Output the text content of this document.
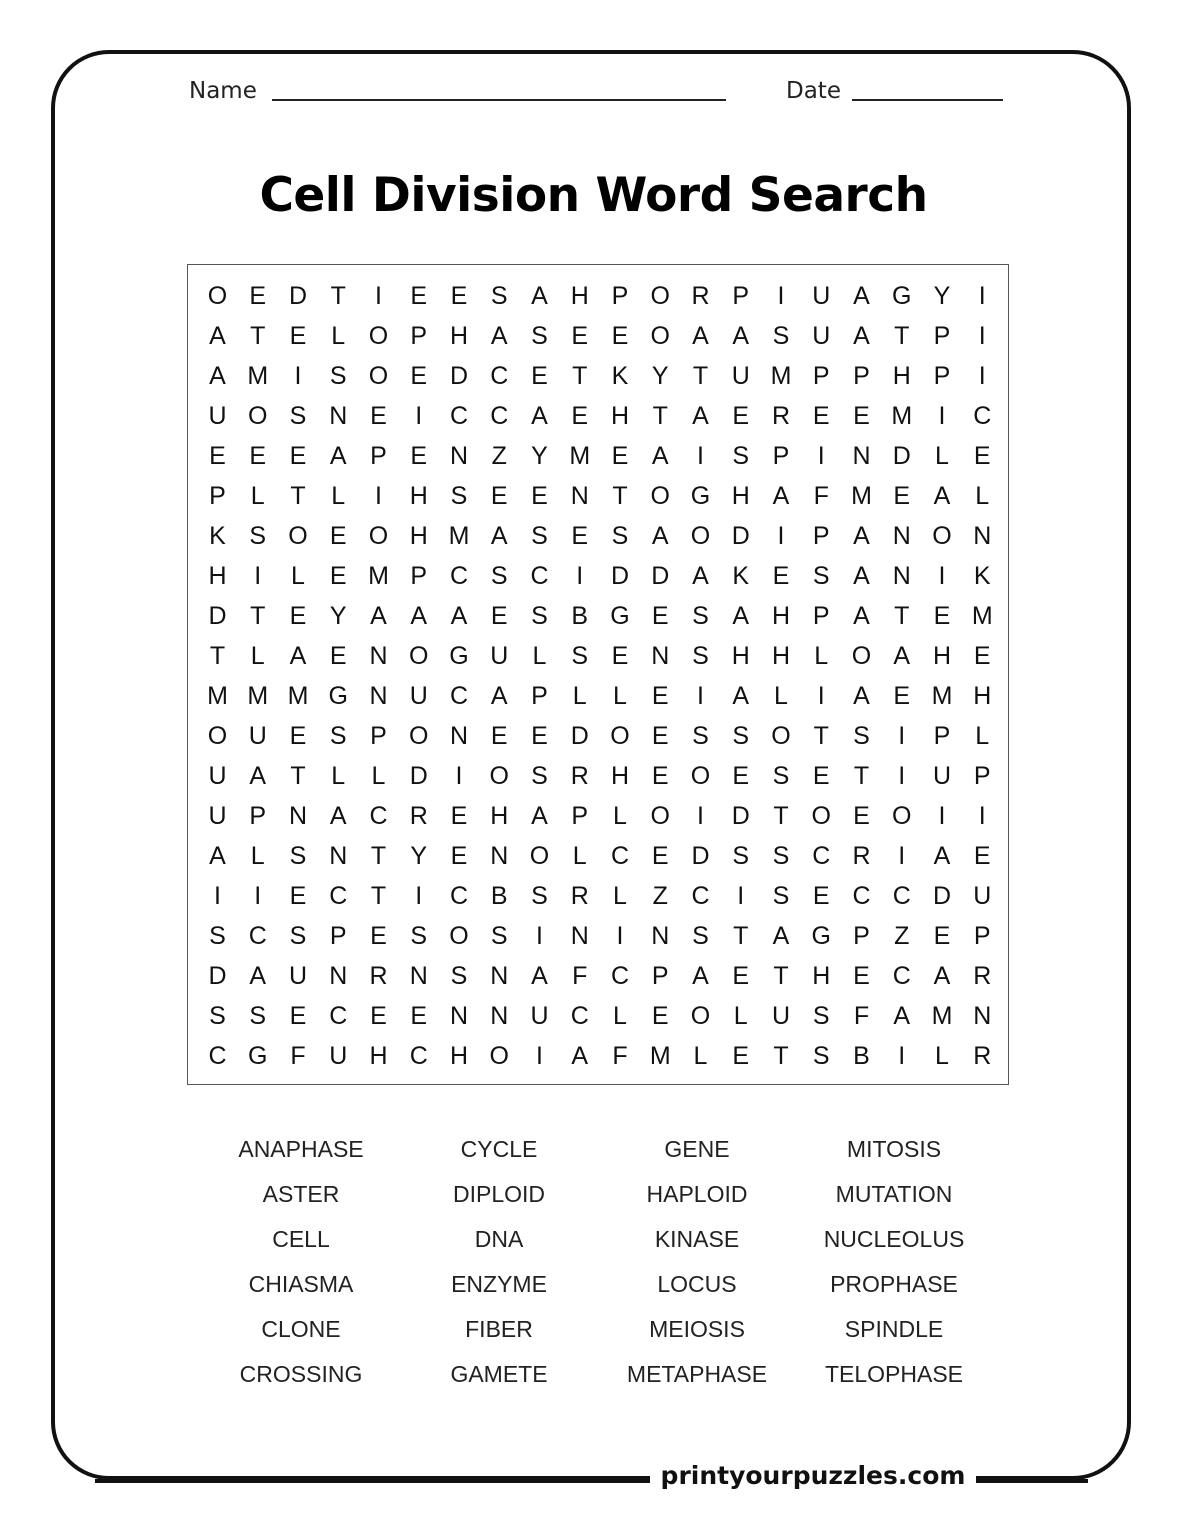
Name	Date
Cell Division Word Search
O E D T	I	E E S A H P O R P	I	U A G Y	I
A T E L O P H A S E E O A A S U A T P	I
A M	I	S O E D C E T K Y T U M P P H P	I
U O S N E	I	C C A E H T A E R E E M	I	C
E E E A P E N Z Y M E A	I	S P	I	N D L E
P L	T	L	I	H S E E N T O G H A F M E A L
K S O E O H M A S E S A O D	I	P A N O N
H	I	L E M P C S C	I	D D A K E S A N	I	K
D T E Y A A A E S B G E S A H P A T E M
T	L A E N O G U L S E N S H H L O A H E
M M M G N U C A P L	L E	I	A L	I	A E M H
O U E S P O N E E D O E S S O T S	I	P L
U A T	L	L D	I	O S R H E O E S E T	I	U P
U P N A C R E H A P L O	I	D T O E O	I	I
A L S N T Y E N O L C E D S S C R	I	A E
I	I	E C T	I	C B S R L	Z C	I	S E C C D U
S C S P E S O S	I	N	I	N S T A G P Z E P
D A U N R N S N A F C P A E T H E C A R
S S E C E E N N U C L E O L U S F A M N
C G F U H C H O	I	A F M L E T S B	I	L R
ANAPHASE	CYCLE	GENE	MITOSIS
ASTER	DIPLOID	HAPLOID	MUTATION
CELL	DNA	KINASE	NUCLEOLUS
CHIASMA	ENZYME	LOCUS	PROPHASE
CLONE	FIBER	MEIOSIS	SPINDLE
CROSSING	GAMETE	METAPHASE	TELOPHASE
printyourpuzzles.com
